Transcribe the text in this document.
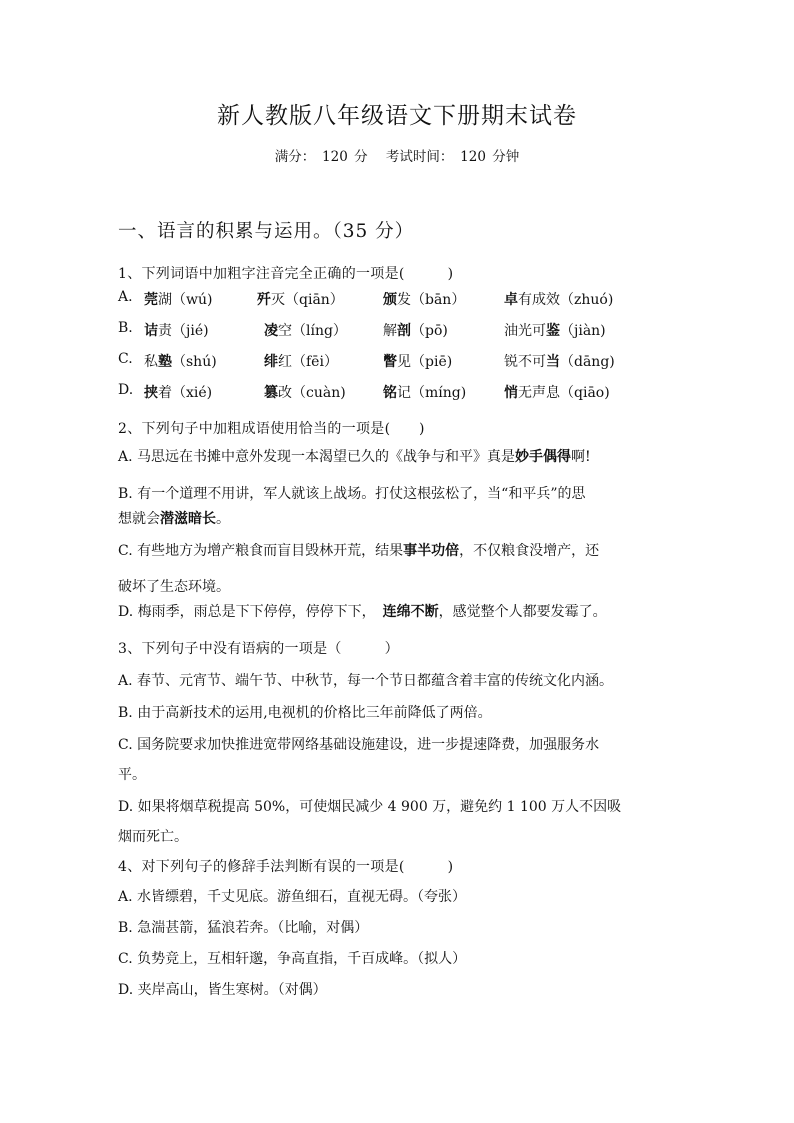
新人教版八年级语文下册期末试卷
满分：　120 分 考试时间：　120 分钟
一、语言的积累与运用。（35 分）
1、下列词语中加粗字注音完全正确的一项是(　　　)
A. 莞湖（wú)	歼灭（qiān）	颁发（bān）	卓有成效（zhuó)
B. 诘责（jié)	凌空（líng）	解剖（pō)	油光可鉴（jiàn)
C. 私塾（shú)	绯红（fēi）	瞥见（piē)	锐不可当（dāng)
D. 挟着（xié)	篡改（cuàn)	铭记（míng)	悄无声息（qiāo)
2、下列句子中加粗成语使用恰当的一项是(　　)
A. 马思远在书摊中意外发现一本渴望已久的《战争与和平》真是妙手偶得啊!
B. 有一个道理不用讲，军人就该上战场。打仗这根弦松了，当“和平兵”的思
想就会潜滋暗长。
C. 有些地方为增产粮食而盲目毁林开荒，结果事半功倍，不仅粮食没增产，还
破坏了生态环境。
D. 梅雨季，雨总是下下停停，停停下下，　连绵不断，感觉整个人都要发霉了。
3、下列句子中没有语病的一项是（　　　）
A. 春节、元宵节、端午节、中秋节，每一个节日都蕴含着丰富的传统文化内涵。
B. 由于高新技术的运用,电视机的价格比三年前降低了两倍。
C. 国务院要求加快推进宽带网络基础设施建设，进一步提速降费，加强服务水
平。
D. 如果将烟草税提高 50%，可使烟民减少 4 900 万，避免约 1 100 万人不因吸
烟而死亡。
4、对下列句子的修辞手法判断有误的一项是(　　　)
A. 水皆缥碧，千丈见底。游鱼细石，直视无碍。（夸张）
B. 急湍甚箭，猛浪若奔。（比喻，对偶）
C. 负势竞上，互相轩邈，争高直指，千百成峰。（拟人）
D. 夹岸高山，皆生寒树。（对偶）
